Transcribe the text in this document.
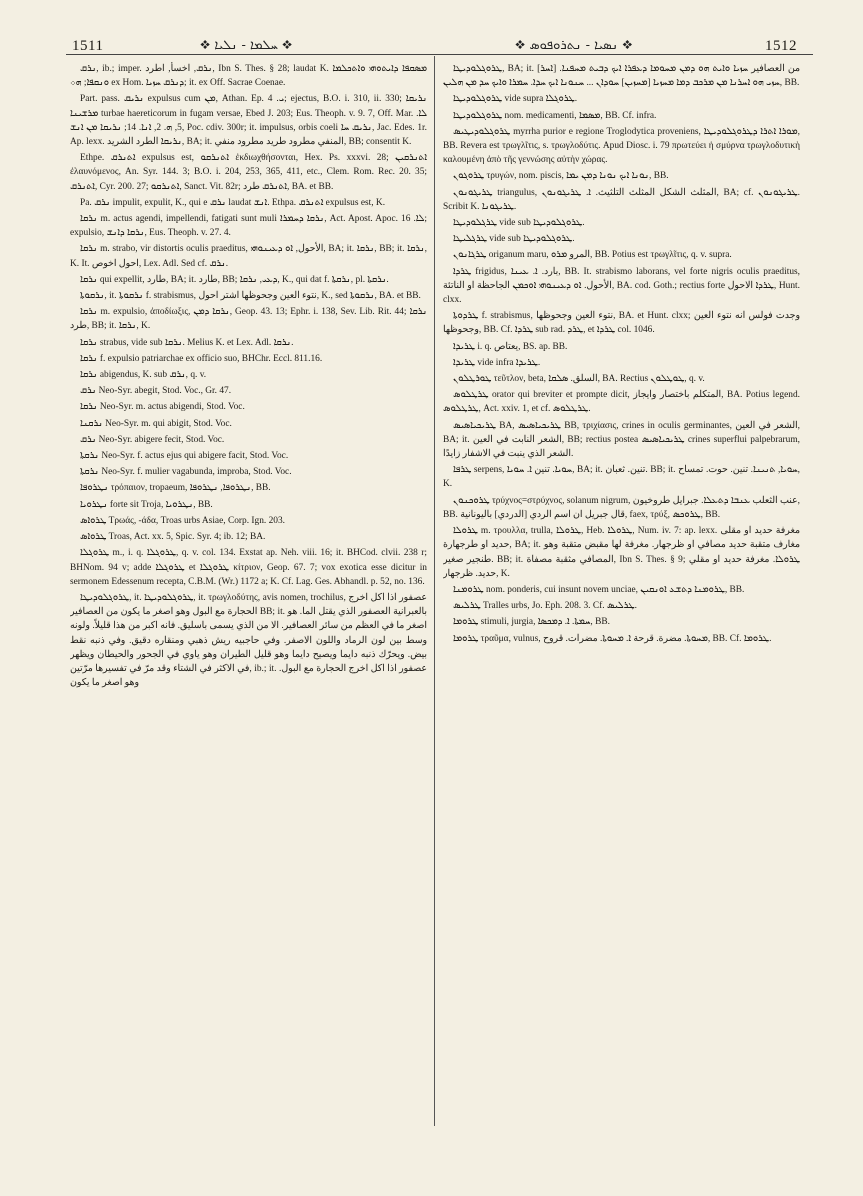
1511	❖ ܚܠܡܐ - ܢܠܝܐ ❖	❖ ܢܣܝܐ - ܢܬܪܘܦܘܣ ❖	1512

ܢܪܩ, ib.; imper. ܢܪܩ, اخسأ, اطرد, Ibn S. Thes. § 28; laudat K. ܡܣܩܦܐ ܕܐܝܬܘܗܝ ܘܐܬܟܠܡܐ ܘܢܩܦܐ; ܗ܀ ex Hom. ܕܢܪܩ ܚܙܝܐ; it. ex Off. Sacrae Coenae.

Part. pass. ܢܪܝܩ expulsus cum ܡܢ, Athan. Ep. ܝ. 4; ejectus, B.O. i. 310, ii. 330; ܢܪܝܩܐ ܡܪܫܝܢܐ turbae haereticorum in fugam versae, Ebed J. 203; Eus. Theoph. v. 9. 7, Off. Mar. ܠܐ. 5, ܗ. 2, ܐܢܐ. 14; ܢܪܝܩܐ ܡܢ ܐܢܫ, Poc. cdiv. 300r; it. impulsus, orbis coeli ܢܪܝܩ ܚܐ, Jac. Edes. 1r. Ap. lexx. ܢܪܝܩܐ الطرد الشريد, BA; it. المنفي مطرود طريد مطرود منفي, BB; consentit K.

Ethpe. ܐܬܢܪܩ expulsus est, ܐܬܢܪܩܘ ἐκδιωχθήσονται, Hex. Ps. xxxvi. 28; ܐܬܢܪܩܝܢ ἐλαυνόμενος, An. Syr. 144. 3; B.O. i. 204, 253, 365, 411, etc., Clem. Rom. Rec. 20. 35; ܐܬܢܪܩ, Cyr. 200. 27; ܐܬܢܪܩܘ, Sanct. Vit. 82r; ܐܬܢܪܩ طرد, BA. et BB.

Pa. ܢܪܩ impulit, expulit, K., qui e ܢܪܩ laudat ܐܢܫ. Ethpa. ܐܬܢܪܩ expulsus est, K.

ܢܪܩܐ m. actus agendi, impellendi, fatigati sunt muli ܢܪܩܐ ܕܚܡܪܐ, Act. Apost. Apoc. ܠܐ. 16; expulsio, ܢܪܩܐ ܕܐܢܫ, Eus. Theoph. v. 27. 4.

ܢܪܩܐ m. strabo, vir distortis oculis praeditus, الأحول, ܐܘ ܕܥܝܢܘܗܝ, BA; it. ܢܪܩܐ, BB; it. ܢܪܩܐ, K. It. احول اخوص, Lex. Adl. Sed cf. ܢܪܩ.

ܢܪܩܐ qui expellit, طارد, BA; it. طارد, BB; ܕܥܝ, ܢܪܩܐ, K., qui dat f. ܢܪܩܬܐ, pl. ܢܪܩܬܐ.

ܢܪܩܘܬܐ, it. ܢܪܩܘܬܐ f. strabismus, نتوء العين وجحوظها اشتر احول, K., sed ܢܪܩܘܬܐ, BA. et BB.

ܢܪܩܐ m. expulsio, ἀποδίωξις, ܢܪܩܐ ܕܡܢ, Geop. 43. 13; Ephr. i. 138, Sev. Lib. Rit. 44; ܢܪܩܐ طرد, BB; it. ܢܪܩܐ, K.

ܢܪܩܐ strabus, vide sub ܢܪܩܐ. Melius K. et Lex. Adl. ܢܪܩܐ.

ܢܪܩܐ f. expulsio patriarchae ex officio suo, BHChr. Eccl. 811.16.

ܢܪܩܐ abigendus, K. sub ܢܪܩ, q. v.

ܢܪܩ Neo-Syr. abegit, Stod. Voc., Gr. 47.

ܢܪܩܐ Neo-Syr. m. actus abigendi, Stod. Voc.

ܢܪܩܢܐ Neo-Syr. m. qui abigit, Stod. Voc.

ܢܪܩ Neo-Syr. abigere fecit, Stod. Voc.

ܢܪܩܬܐ Neo-Syr. f. actus ejus qui abigere facit, Stod. Voc.

ܢܪܩܬܐ Neo-Syr. f. mulier vagabunda, improba, Stod. Voc.

ܢܛܪܘܦܐ τρόπαιον, tropaeum, ܢܛܪܘܦܐ, ܢܛܪܘܦܐ, BB.

ܢܛܪܘܝܐ forte sit Troja, ܢܛܪܘܝܐ, BB.

ܛܪܘܐܣ Τρωάς, -άδα, Troas urbs Asiae, Corp. Ign. 203.

ܛܪܘܐܣ Troas, Act. xx. 5, Spic. Syr. 4; ib. 12; BA.

ܛܪܘܓܠܐ m., i. q. ܛܪܘܓܠܐ, q. v. col. 134. Exstat ap. Neh. viii. 16; it. BHCod. clvii. 238 r; BHNom. 94 v; adde ܛܪܘܓܠܐ et ܛܪܘܓܠܐ κίτριον, Geop. 67. 7; vox exotica esse dicitur in sermonem Edessenum recepta, C.B.M. (Wr.) 1172 a; K. Cf. Lag. Ges. Abhandl. p. 52, no. 136.

ܛܪܘܓܠܘܕܝܛܐ, it. ܛܪܘܓܠܘܕܝܛܐ, it. τρωγλοδύτης, avis nomen, trochilus, عصفور اذا اكل اخرج الحجارة مع البول وهو اصغر ما يكون من العصافير BB; it. بالعبرانية العصفور الذي يقتل الما. هو اصغر ما في العظم من سائر العصافير. الا من الذي يسمى باسليق. فانه اكبر من هذا قليلاً. ولونه وسط بين لون الرماد واللون الاصفر. وفي حاجبيه ريش ذهبي ومنقاره دقيق. وفي ذنبه نقط بيض. ويحرّك ذنبه دايما ويصيح دايما وهو قليل الطيران وهو ياوي في الجحور والحيطان ويظهر في الاكثر في الشتاء وقد مرّ في تفسيرها مرّتين, ib.; it. عصفور اذا اكل اخرج الحجارة مع البول. وهو اصغر ما يكون

ܛܪܘܓܠܘܕܝܛܐ, BA; it. [ܐܚܪ] من العصافير ܚܙܝܐ ܘܐܝܬ ܗܘ ܕܡܢ ܡܚܘܡܐ ܕܥܦܪܐ ܐܝܟ ܕܒܝܬ ܡܚܦܢܐ. ܚܙܝ ܗܘ ܐܚܪܢܐ ܡܢ ܡܪܟܒ ܕܡܐ ܡܚܙܝܐ [ܡܚܙܝܢ] ܚܘܕܐܢ ... ܚܢܘܢܐ ܐܝܟ ܚܕܐ. ܚܡܪܐ ܘܐܝܟ ܚܕ ܡܢ ܗܠܝܢ, BB.

ܛܪܘܓܠܘܕܝܛܐ vide supra ܛܪܘܓܠܐ.

ܛܪܘܓܠܘܕܝܛܐ nom. medicamenti, ܡܣܡܐ, BB. Cf. infra.

ܛܪܘܓܠܘܕܝܛܝܣ myrrha purior e regione Troglodytica proveniens, ܡܘܪܐ ܐܬܪܐ ܕܛܪܘܓܠܘܕܝܛܐ, BB. Revera est τρωγλῖτις, s. τρωγλοδύτις. Apud Diosc. i. 79 πρωτεύει ἡ σμύρνα τρωγλοδυτικὴ καλουμένη ἀπὸ τῆς γεννώσης αὐτὴν χώρας.

ܛܪܘܓܘܢ τρυγών, nom. piscis, ܢܘܢܐ ܐܝܟ ܢܘܢܐ ܕܡܢ ܝܡܐ, BB.

ܛܪܝܓܘܢܘܢ triangulus, المثلث الشكل المثلث التلثيث. ܐ. ܛܪܝܓܘܢܘܢ, BA; cf. ܛܪܝܓܘܢܘܢ. Scribit K. ܛܪܝܓܘܢܐ.

ܛܪܓܠܘܕܝܛܐ vide sub ܛܪܘܓܠܘܕܝܛܐ.

ܛܪܓܠܝܛܐ vide sub ܛܪܘܓܠܘܕܝܛܐ.

ܛܪܓܐܢܘܢ origanum maru, المرو ܡܪܘ, BB. Potius est τρωγλῖτις, q. v. supra.

ܛܪܕܐ frigidus, بارد. ܐ. ܥܝܢܐ, BB. It. strabismo laborans, vel forte nigris oculis praeditus, الأحول. ܐܘ ܕܥܝܢܘܗܝ ܐܘܟܡܢ الجاحظة او الناتئة, BA. cod. Goth.; rectius forte ܛܪܕܐ الاحول, Hunt. clxx.

ܛܪܕܘܬܐ f. strabismus, نتوء العين وجحوظها, BA. et Hunt. clxx; وجدت فولس انه نتوء العين وجحوظها, BB. Cf. ܛܪܕܐ sub rad. ܛܪܕ, et ܛܪܕܐ col. 1046.

ܛܪܝܕܐ i. q. يعتاص, BS. ap. BB.

ܛܪܝܕܐ vide infra ܛܪܝܕܐ.

ܛܘܪܛܠܘܢ τεῦτλον, beta, السلق. ܣܠܩܐ, BA. Rectius ܛܘܛܠܘܢ, q. v.

ܛܪܛܠܘܣ orator qui breviter et prompte dicit, المتكلم باختصار وايجاز, BA. Potius legend. ܛܪܛܠܘܣ, Act. xxiv. 1, et cf. ܛܪܛܠܘܣ.

ܛܪܝܟܝܐܣܝܣ BA, ܛܪܝܟܝܐܣܝܣ BB, τριχίασις, crines in oculis germinantes, الشعر في العين, BA; it. الشعر النابت في العين, BB; rectius postea ܛܪܝܟܝܐܣܝܣ crines superflui palpebrarum, الشعر الذي ينبت في الاشفار زايدًا.

ܛܪܦܐ serpens, ܚܘܝܐ. تنين ܐ. ܚܘܝܐ, BA; it. تنين. ثعبان. BB; it. ܚܘܝܐ, ܬܢܝܢܐ. تنين. حوت. تمساح, K.

ܛܪܘܟܢܘܢ τρύχνος=στρύχνος, solanum nigrum, عنب الثعلب ܥܢܒܐ ܕܬܥܠܐ. جبرايل طروخيون, BB. قال جبريل ان اسم الردي [الدردي] باليونانية, faex, τρύξ, ܛܪܘܟܣ, BB.

ܛܪܘܠܐ m. τρουλλα, trulla, ܛܪܘܠܐ, Heb. ܛܪܘܠܐ, Num. iv. 7: ap. lexx. مغرفة حديد او مقلى حديد او طرجهارة, BA; it. مغارف متقبة حديد مصافي او ظرجهار. مغرفة لها مقبض متقبة وهو طنجير صغير. BB; it. المصافي مثقبة مصفاة, Ibn S. Thes. § 9; ܛܪܘܠܐ. مغرفة حديد او مقلي حديد. ظرجهار, K.

ܛܪܘܡܢܐ nom. ponderis, cui insunt novem unciae, ܛܪܘܡܢܐ ܕܬܫܥ ܐܘܢܩܝܢ, BB.

ܛܪܠܝܣ Tralles urbs, Jo. Eph. 208. 3. Cf. ܛܪܠܝܣ.

ܛܪܘܡܐ stimuli, jurgia, ܚܡܬܐ. ܐ. ܕܡܟܣܐ, BB.

ܛܪܘܡܐ τραῦμα, vulnus, ܡܚܘܬܐ. مضرة. قرحة ܐ. ܡܚܘܬܐ. مضرات. قروح, BB. Cf. ܛܪܘܡܐ.
